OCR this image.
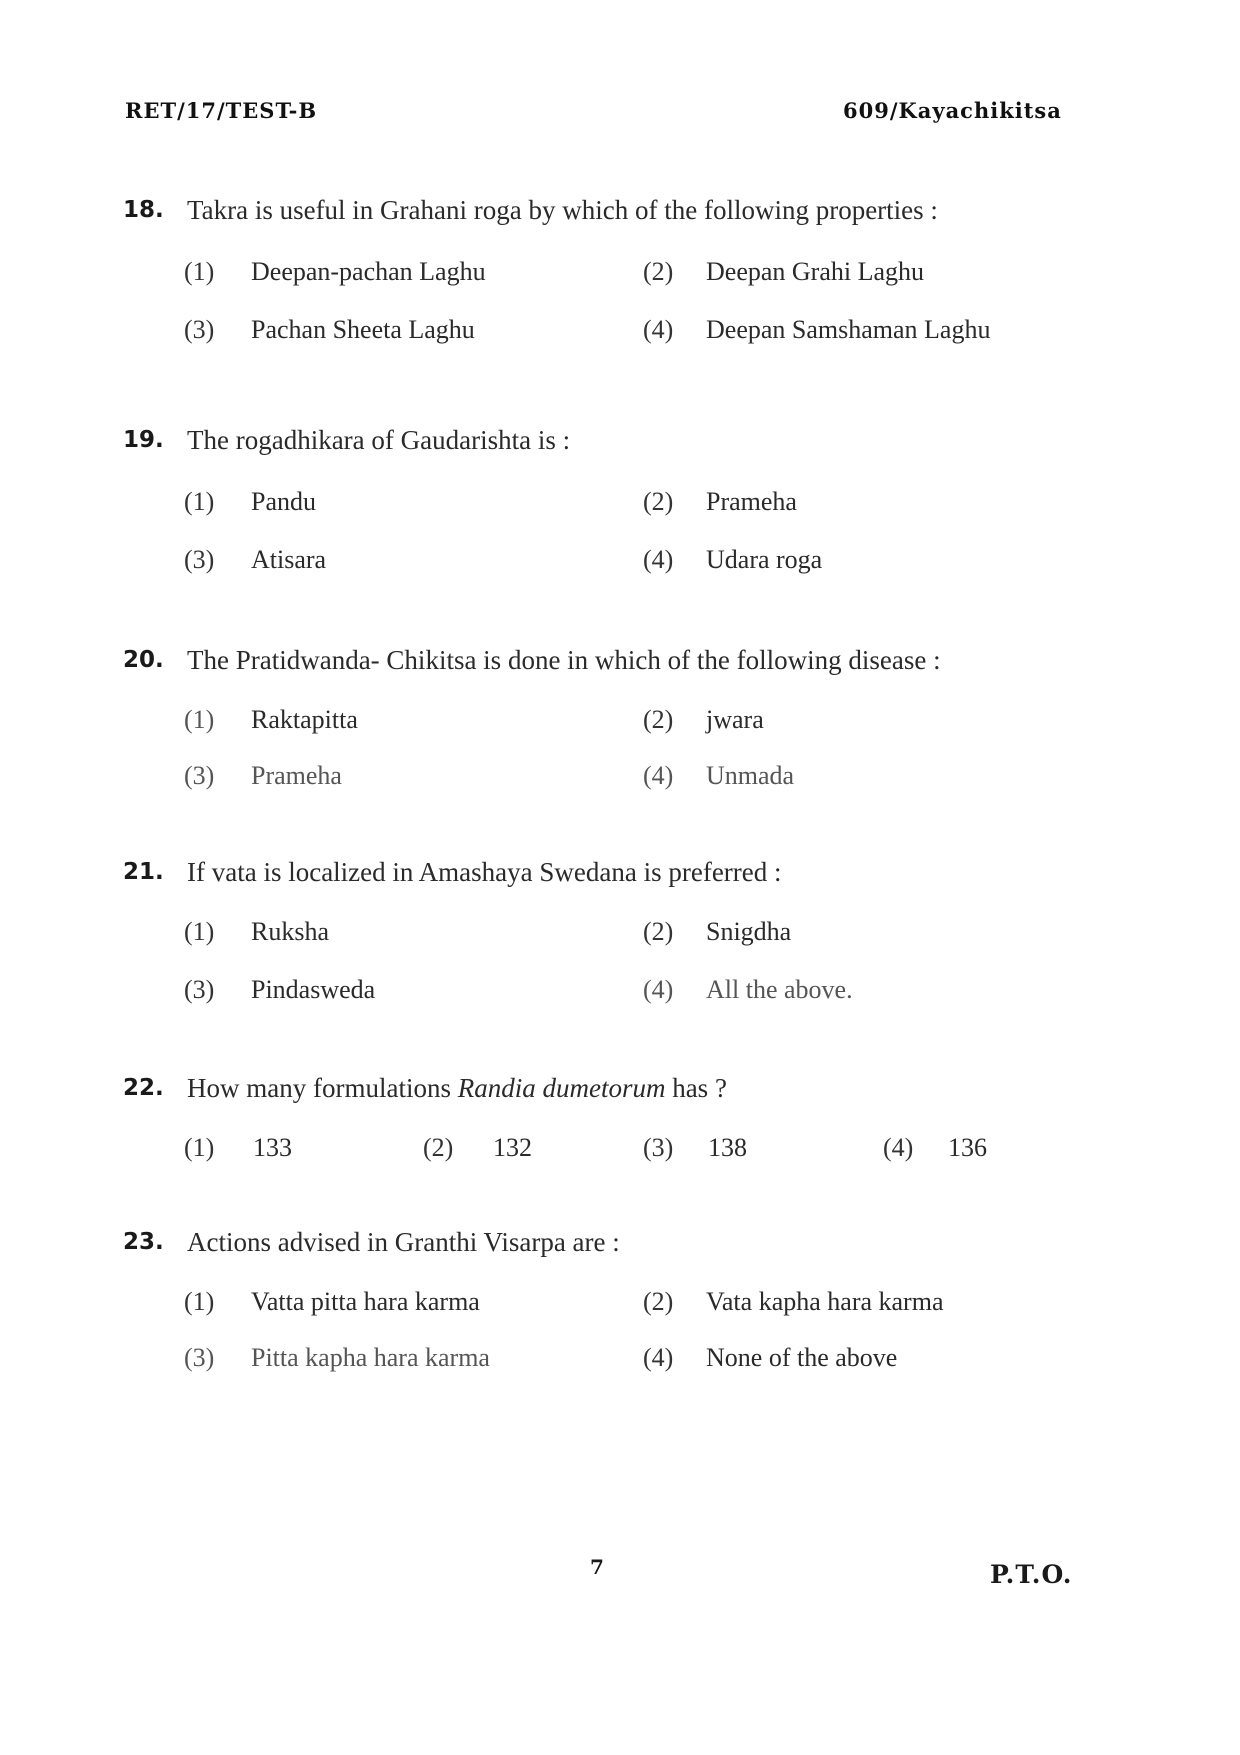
RET/17/TEST-B	609/Kayachikitsa
18. Takra is useful in Grahani roga by which of the following properties :
(1) Deepan-pachan Laghu	(2) Deepan Grahi Laghu
(3) Pachan Sheeta Laghu	(4) Deepan Samshaman Laghu
19. The rogadhikara of Gaudarishta is :
(1) Pandu	(2) Prameha
(3) Atisara	(4) Udara roga
20. The Pratidwanda- Chikitsa is done in which of the following disease :
(1) Raktapitta	(2) jwara
(3) Prameha	(4) Unmada
21. If vata is localized in Amashaya Swedana is preferred :
(1) Ruksha	(2) Snigdha
(3) Pindasweda	(4) All the above.
22. How many formulations Randia dumetorum has ?
(1) 133	(2) 132	(3) 138	(4) 136
23. Actions advised in Granthi Visarpa are :
(1) Vatta pitta hara karma	(2) Vata kapha hara karma
(3) Pitta kapha hara karma	(4) None of the above
7	P.T.O.
